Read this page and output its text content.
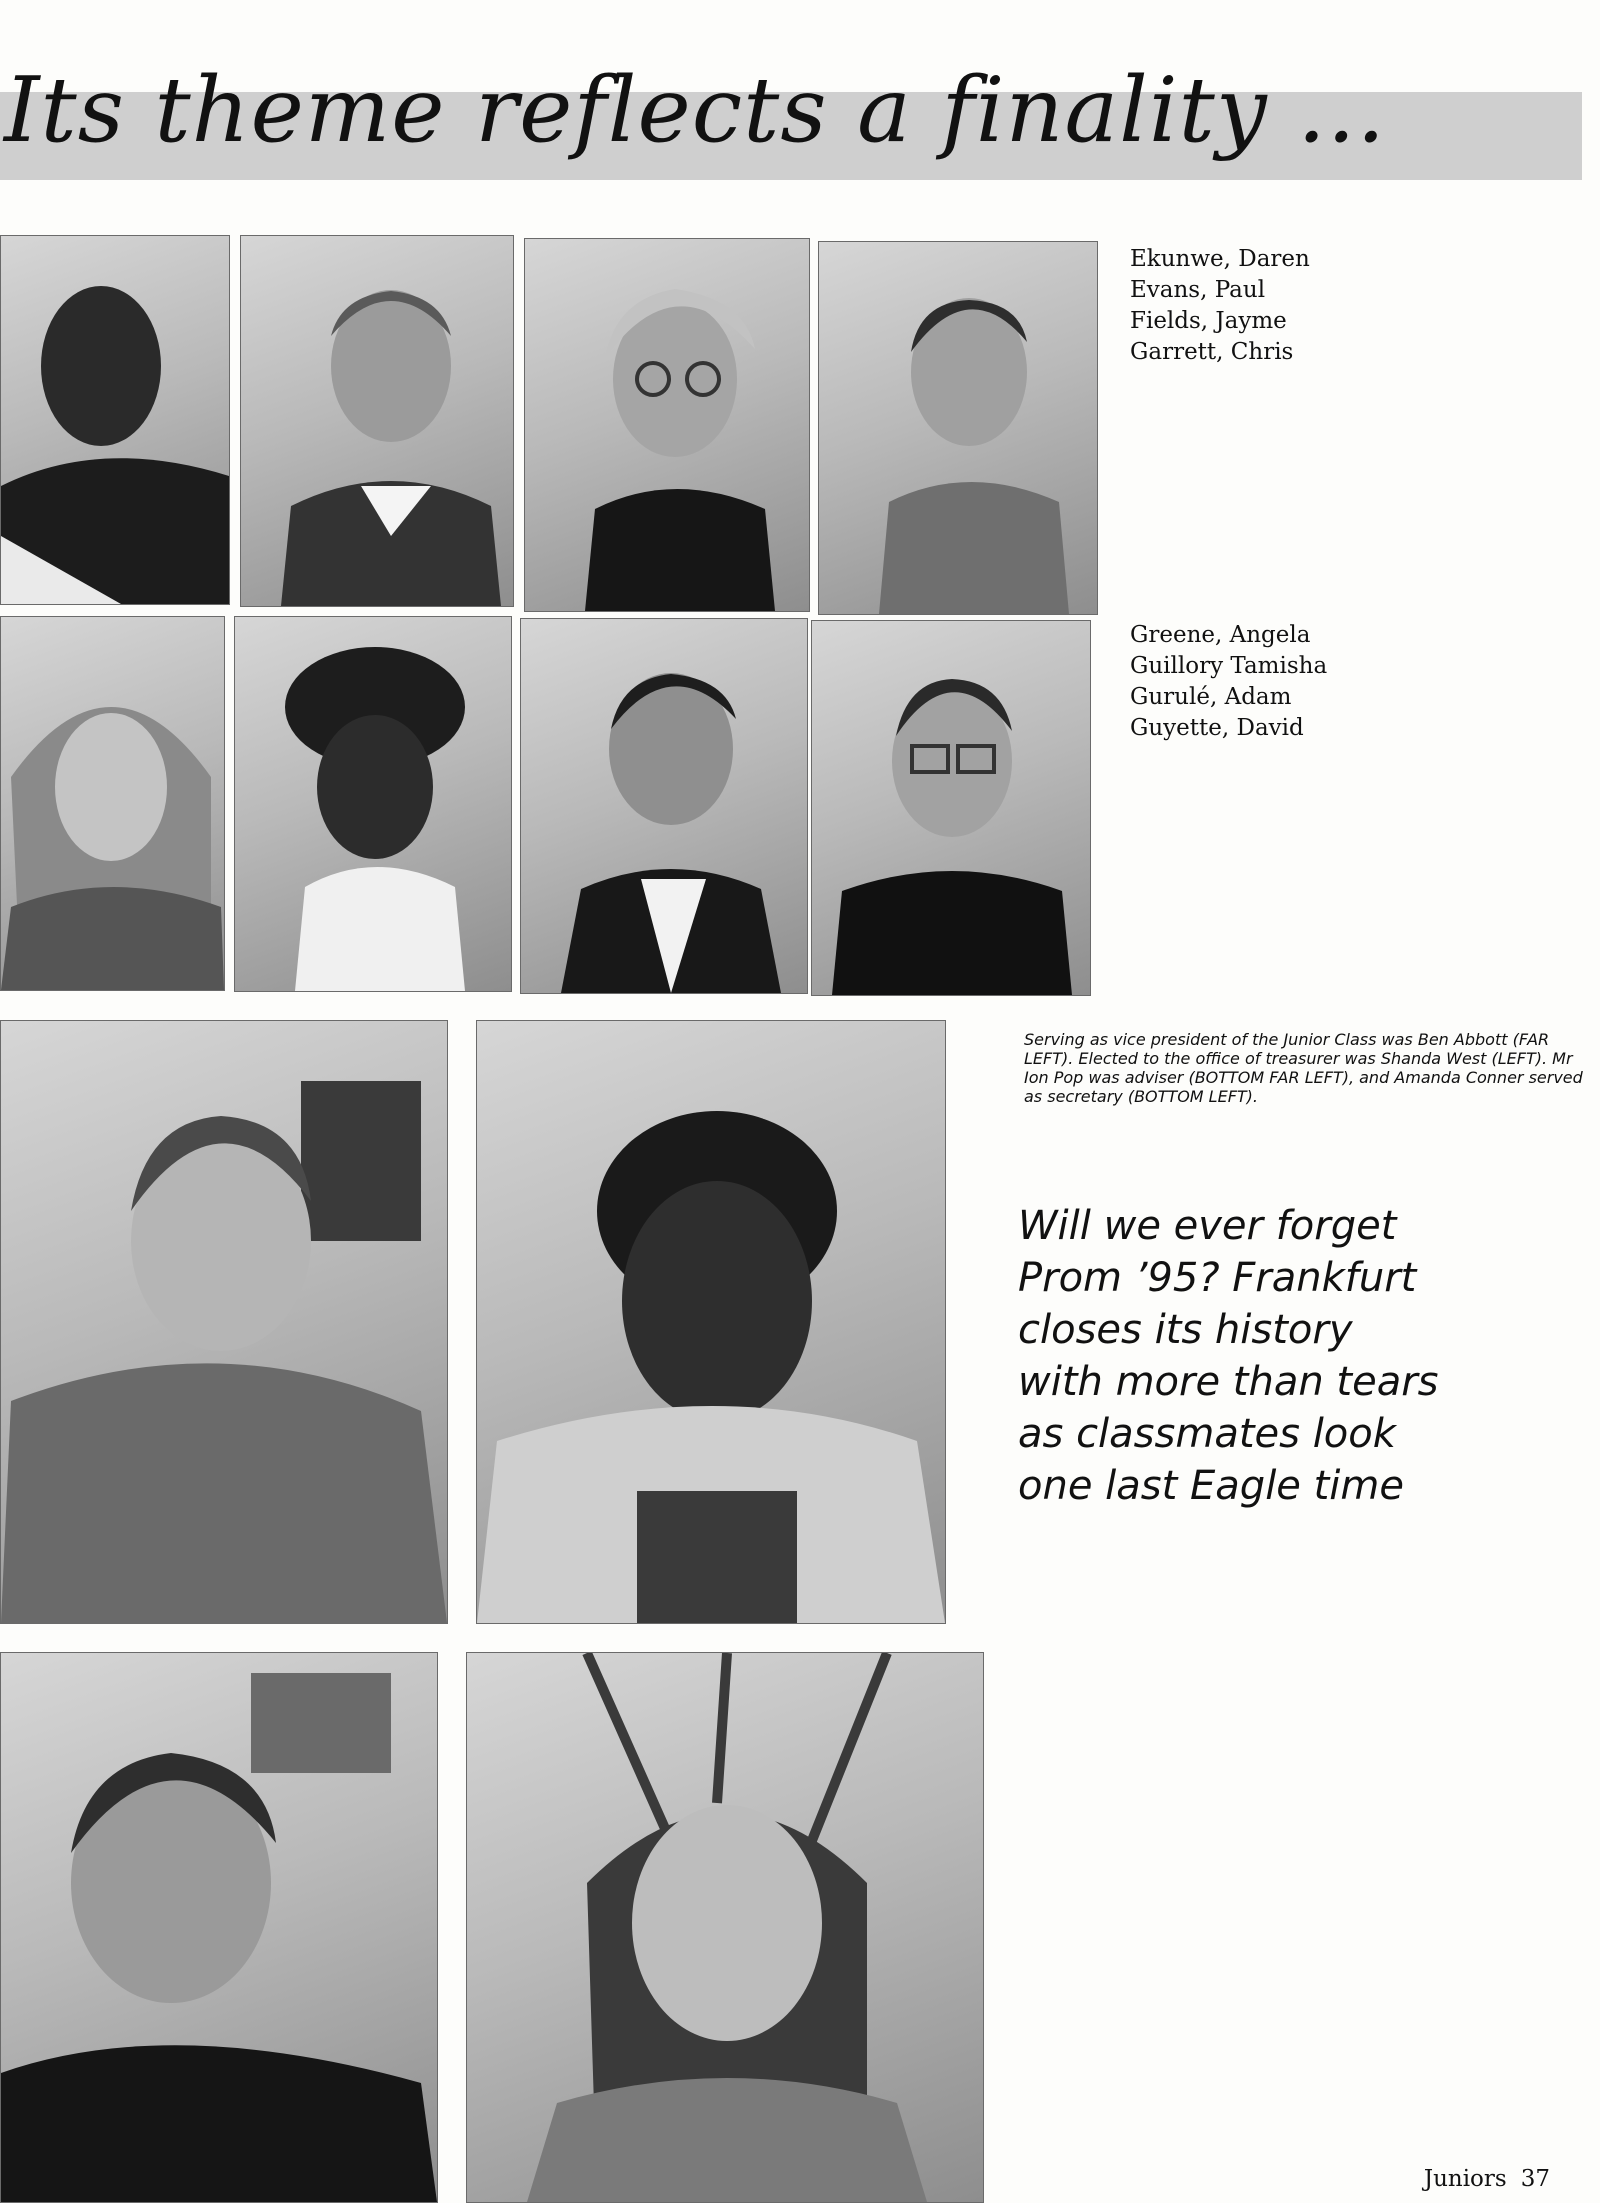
Its theme reflects a finality ...
Ekunwe, Daren
Evans, Paul
Fields, Jayme
Garrett, Chris
Greene, Angela
Guillory Tamisha
Gurulé, Adam
Guyette, David
Serving as vice president of the Junior Class was Ben Abbott (FAR LEFT). Elected to the office of treasurer was Shanda West (LEFT). Mr Ion Pop was adviser (BOTTOM FAR LEFT), and Amanda Conner served as secretary (BOTTOM LEFT).
Will we ever forget
Prom ’95? Frankfurt
closes its history
with more than tears
as classmates look
one last Eagle time
Juniors 37
